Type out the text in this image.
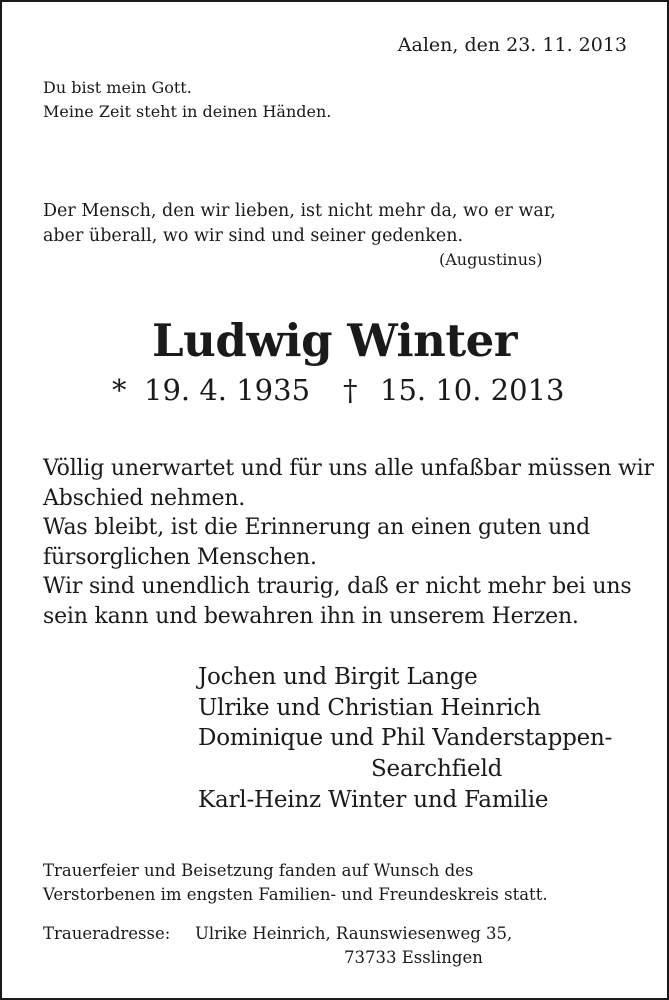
Aalen, den 23. 11. 2013
Du bist mein Gott.
Meine Zeit steht in deinen Händen.
Der Mensch, den wir lieben, ist nicht mehr da, wo er war,
aber überall, wo wir sind und seiner gedenken.
(Augustinus)
Ludwig Winter
* 19. 4. 1935 † 15. 10. 2013
Völlig unerwartet und für uns alle unfaßbar müssen wir
Abschied nehmen.
Was bleibt, ist die Erinnerung an einen guten und
fürsorglichen Menschen.
Wir sind unendlich traurig, daß er nicht mehr bei uns
sein kann und bewahren ihn in unserem Herzen.
Jochen und Birgit Lange
Ulrike und Christian Heinrich
Dominique und Phil Vanderstappen-
Searchfield
Karl-Heinz Winter und Familie
Trauerfeier und Beisetzung fanden auf Wunsch des
Verstorbenen im engsten Familien- und Freundeskreis statt.
Traueradresse: Ulrike Heinrich, Raunswiesenweg 35,
73733 Esslingen
